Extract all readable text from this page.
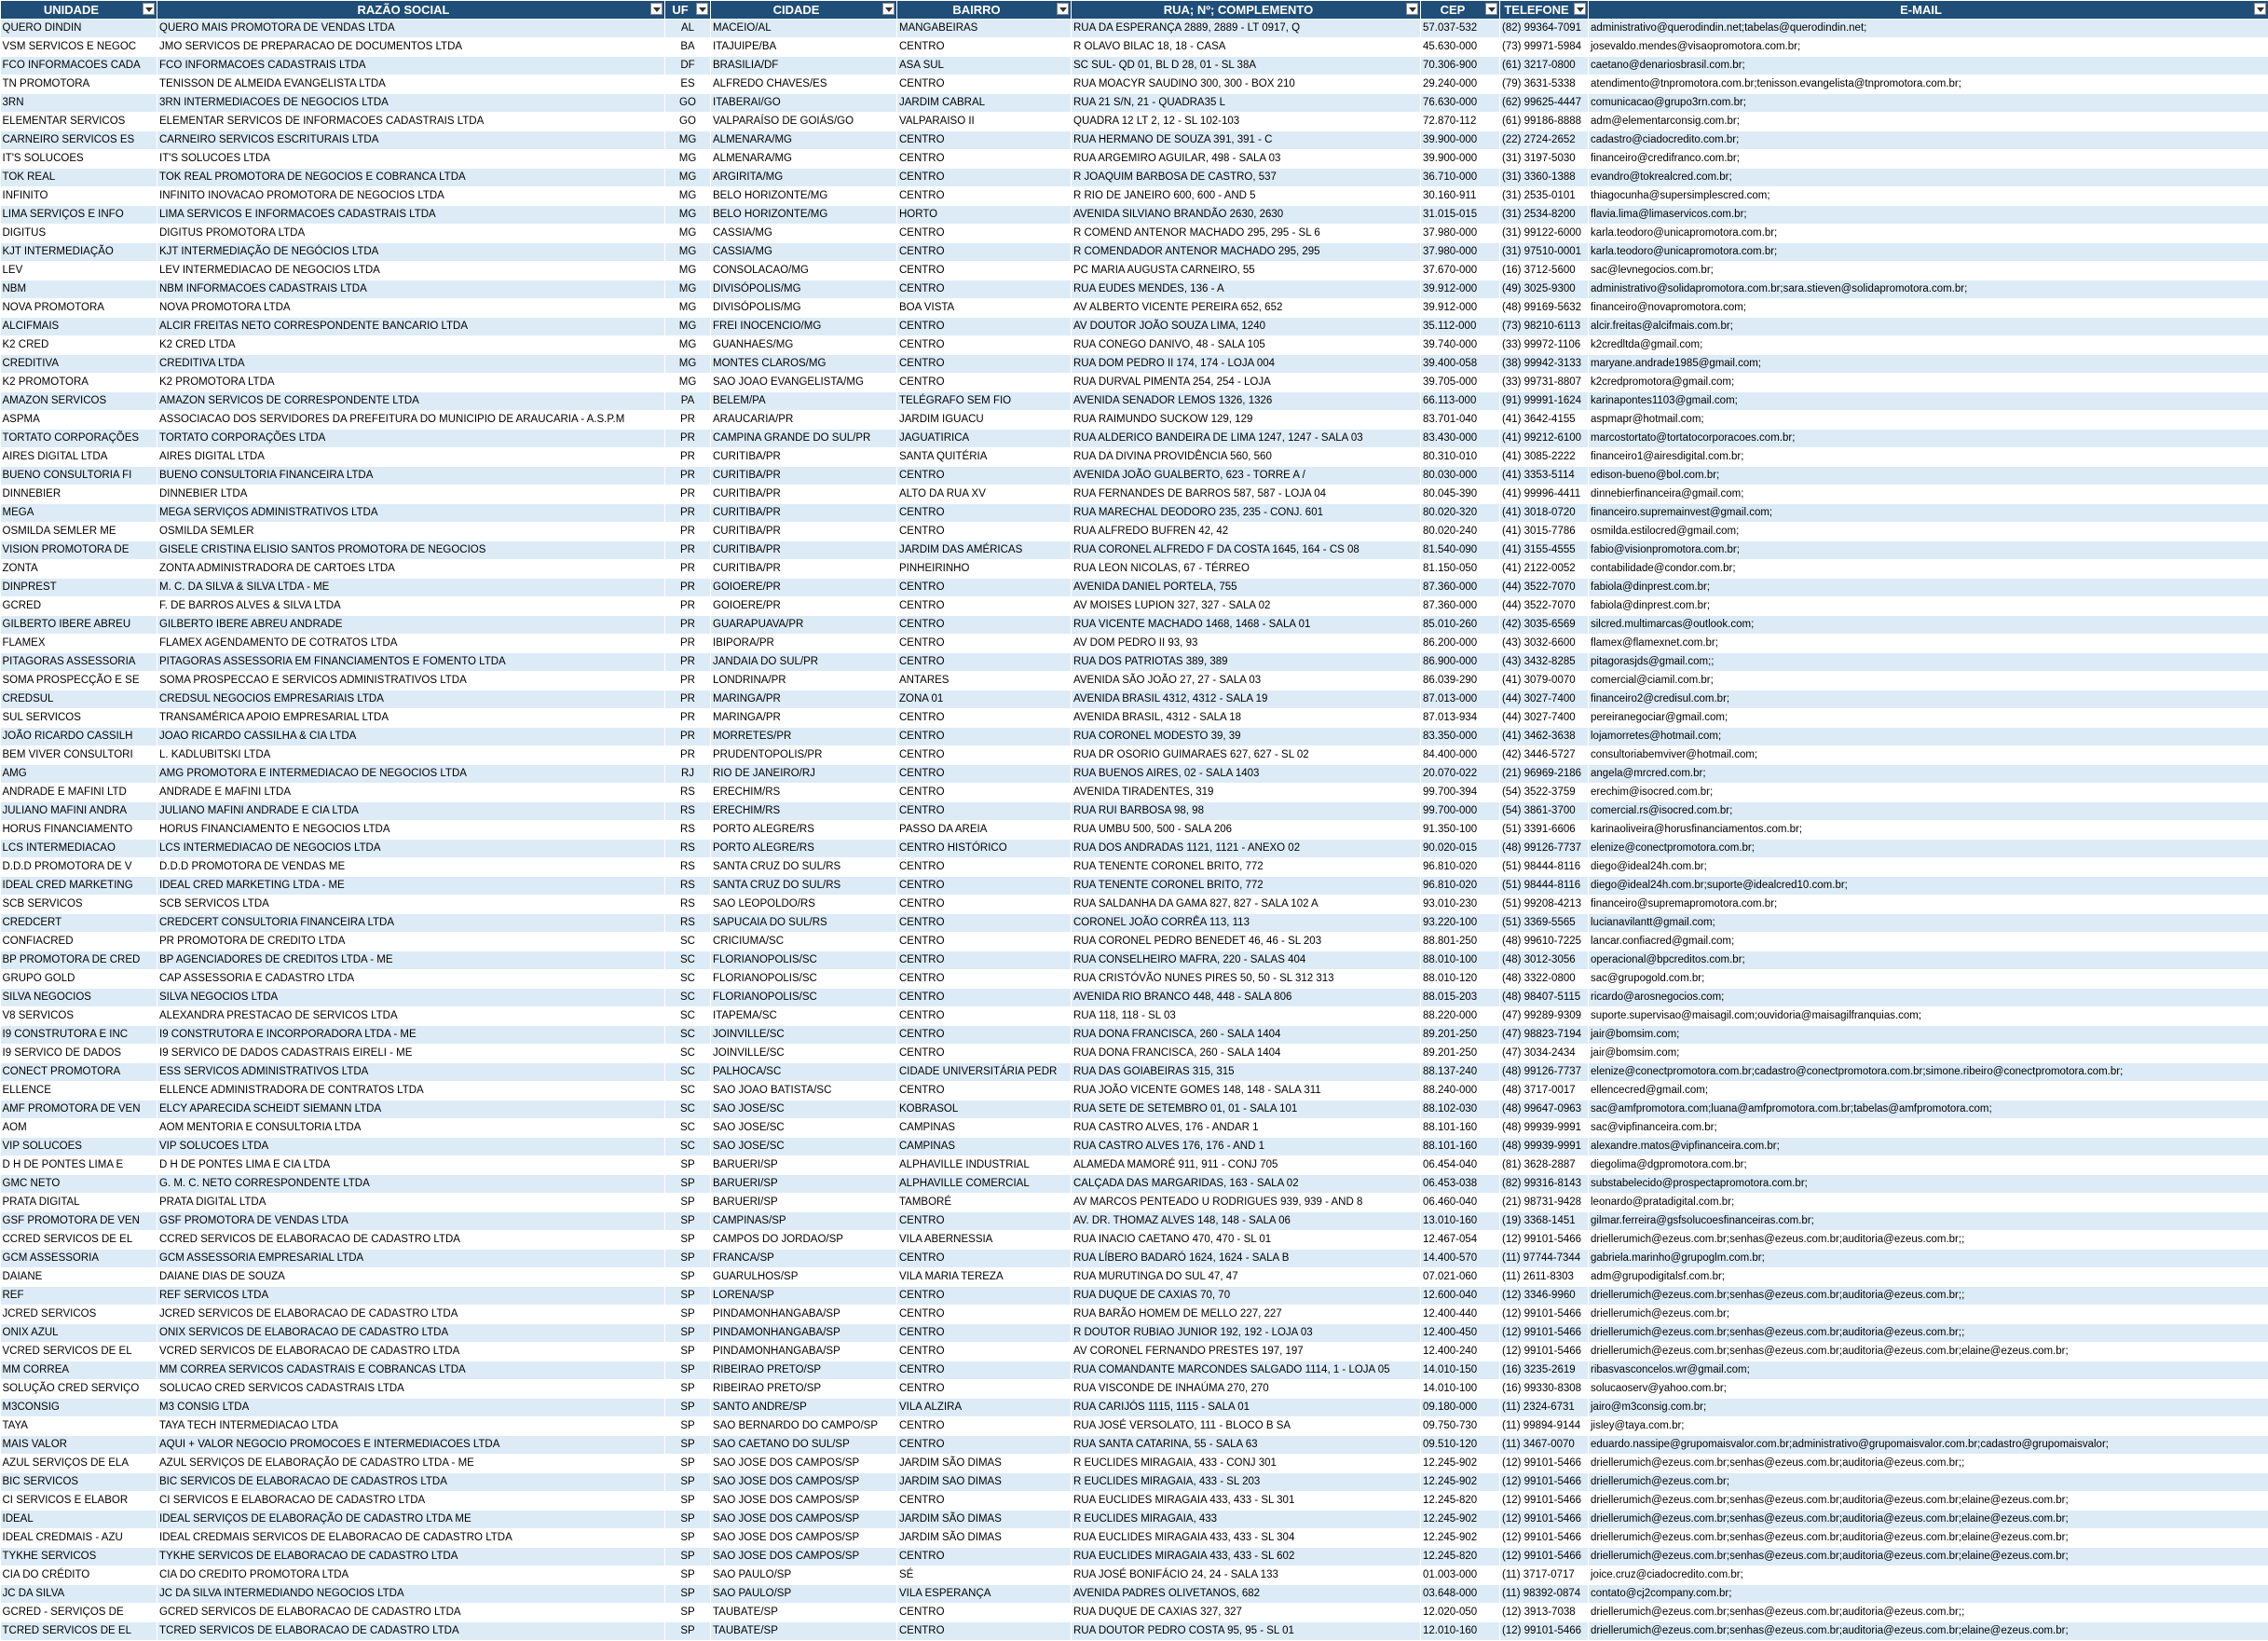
UNIDADE	RAZÃO SOCIAL	UF	CIDADE	BAIRRO	RUA; Nº; COMPLEMENTO	CEP	TELEFONE	E-MAIL

QUERO DINDIN	QUERO MAIS PROMOTORA DE VENDAS LTDA	AL	MACEIO/AL	MANGABEIRAS	RUA DA ESPERANÇA 2889, 2889 - LT 0917, Q	57.037-532	(82) 99364-7091	administrativo@querodindin.net;tabelas@querodindin.net;
VSM SERVICOS E NEGOC	JMO SERVICOS DE PREPARACAO DE DOCUMENTOS LTDA	BA	ITAJUIPE/BA	CENTRO	R OLAVO BILAC 18, 18 - CASA	45.630-000	(73) 99971-5984	josevaldo.mendes@visaopromotora.com.br;
FCO INFORMACOES CADA	FCO INFORMACOES CADASTRAIS LTDA	DF	BRASILIA/DF	ASA SUL	SC SUL- QD 01, BL D 28, 01 - SL 38A	70.306-900	(61) 3217-0800	caetano@denariosbrasil.com.br;
TN PROMOTORA	TENISSON DE ALMEIDA EVANGELISTA LTDA	ES	ALFREDO CHAVES/ES	CENTRO	RUA MOACYR SAUDINO 300, 300 - BOX 210	29.240-000	(79) 3631-5338	atendimento@tnpromotora.com.br;tenisson.evangelista@tnpromotora.com.br;
3RN	3RN INTERMEDIACOES DE NEGOCIOS LTDA	GO	ITABERAI/GO	JARDIM CABRAL	RUA 21 S/N, 21 - QUADRA35 L	76.630-000	(62) 99625-4447	comunicacao@grupo3rn.com.br;
ELEMENTAR SERVICOS	ELEMENTAR SERVICOS DE INFORMACOES CADASTRAIS LTDA	GO	VALPARAÍSO DE GOIÁS/GO	VALPARAISO II	QUADRA 12 LT 2, 12 - SL 102-103	72.870-112	(61) 99186-8888	adm@elementarconsig.com.br;
CARNEIRO SERVICOS ES	CARNEIRO SERVICOS ESCRITURAIS LTDA	MG	ALMENARA/MG	CENTRO	RUA HERMANO DE SOUZA 391, 391 - C	39.900-000	(22) 2724-2652	cadastro@ciadocredito.com.br;
IT'S SOLUCOES	IT'S SOLUCOES LTDA	MG	ALMENARA/MG	CENTRO	RUA ARGEMIRO AGUILAR, 498 - SALA 03	39.900-000	(31) 3197-5030	financeiro@credifranco.com.br;
TOK REAL	TOK REAL PROMOTORA DE NEGOCIOS E COBRANCA LTDA	MG	ARGIRITA/MG	CENTRO	R JOAQUIM BARBOSA DE CASTRO, 537	36.710-000	(31) 3360-1388	evandro@tokrealcred.com.br;
INFINITO	INFINITO INOVACAO PROMOTORA DE NEGOCIOS LTDA	MG	BELO HORIZONTE/MG	CENTRO	R RIO DE JANEIRO 600, 600 - AND 5	30.160-911	(31) 2535-0101	thiagocunha@supersimplescred.com;
LIMA SERVIÇOS E INFO	LIMA SERVICOS E INFORMACOES CADASTRAIS LTDA	MG	BELO HORIZONTE/MG	HORTO	AVENIDA SILVIANO BRANDÃO 2630, 2630	31.015-015	(31) 2534-8200	flavia.lima@limaservicos.com.br;
DIGITUS	DIGITUS PROMOTORA LTDA	MG	CASSIA/MG	CENTRO	R COMEND ANTENOR MACHADO 295, 295 - SL 6	37.980-000	(31) 99122-6000	karla.teodoro@unicapromotora.com.br;
KJT INTERMEDIAÇÃO	KJT INTERMEDIAÇÃO DE NEGÓCIOS LTDA	MG	CASSIA/MG	CENTRO	R COMENDADOR ANTENOR MACHADO 295, 295	37.980-000	(31) 97510-0001	karla.teodoro@unicapromotora.com.br;
LEV	LEV INTERMEDIACAO DE NEGOCIOS LTDA	MG	CONSOLACAO/MG	CENTRO	PC MARIA AUGUSTA CARNEIRO, 55	37.670-000	(16) 3712-5600	sac@levnegocios.com.br;
NBM	NBM INFORMACOES CADASTRAIS LTDA	MG	DIVISÓPOLIS/MG	CENTRO	RUA EUDES MENDES, 136 - A	39.912-000	(49) 3025-9300	administrativo@solidapromotora.com.br;sara.stieven@solidapromotora.com.br;
NOVA PROMOTORA	NOVA PROMOTORA LTDA	MG	DIVISÓPOLIS/MG	BOA VISTA	AV ALBERTO VICENTE PEREIRA 652, 652	39.912-000	(48) 99169-5632	financeiro@novapromotora.com;
ALCIFMAIS	ALCIR FREITAS NETO CORRESPONDENTE BANCARIO LTDA	MG	FREI INOCENCIO/MG	CENTRO	AV DOUTOR JOÃO SOUZA LIMA, 1240	35.112-000	(73) 98210-6113	alcir.freitas@alcifmais.com.br;
K2 CRED	K2 CRED LTDA	MG	GUANHAES/MG	CENTRO	RUA CONEGO DANIVO, 48 - SALA 105	39.740-000	(33) 99972-1106	k2credltda@gmail.com;
CREDITIVA	CREDITIVA LTDA	MG	MONTES CLAROS/MG	CENTRO	RUA DOM PEDRO II 174, 174 - LOJA 004	39.400-058	(38) 99942-3133	maryane.andrade1985@gmail.com;
K2 PROMOTORA	K2 PROMOTORA LTDA	MG	SAO JOAO EVANGELISTA/MG	CENTRO	RUA DURVAL PIMENTA 254, 254 - LOJA	39.705-000	(33) 99731-8807	k2credpromotora@gmail.com;
AMAZON SERVICOS	AMAZON SERVICOS DE CORRESPONDENTE LTDA	PA	BELEM/PA	TELÉGRAFO SEM FIO	AVENIDA SENADOR LEMOS 1326, 1326	66.113-000	(91) 99991-1624	karinapontes1103@gmail.com;
ASPMA	ASSOCIACAO DOS SERVIDORES DA PREFEITURA DO MUNICIPIO DE ARAUCARIA - A.S.P.M	PR	ARAUCARIA/PR	JARDIM IGUACU	RUA RAIMUNDO SUCKOW 129, 129	83.701-040	(41) 3642-4155	aspmapr@hotmail.com;
TORTATO CORPORAÇÕES	TORTATO CORPORAÇÕES LTDA	PR	CAMPINA GRANDE DO SUL/PR	JAGUATIRICA	RUA ALDERICO BANDEIRA DE LIMA 1247, 1247 - SALA 03	83.430-000	(41) 99212-6100	marcostortato@tortatocorporacoes.com.br;
AIRES DIGITAL LTDA	AIRES DIGITAL LTDA	PR	CURITIBA/PR	SANTA QUITÉRIA	RUA DA DIVINA PROVIDÊNCIA 560, 560	80.310-010	(41) 3085-2222	financeiro1@airesdigital.com.br;
BUENO CONSULTORIA FI	BUENO CONSULTORIA FINANCEIRA LTDA	PR	CURITIBA/PR	CENTRO	AVENIDA JOÃO GUALBERTO, 623 - TORRE A /	80.030-000	(41) 3353-5114	edison-bueno@bol.com.br;
DINNEBIER	DINNEBIER LTDA	PR	CURITIBA/PR	ALTO DA RUA XV	RUA FERNANDES DE BARROS 587, 587 - LOJA 04	80.045-390	(41) 99996-4411	dinnebierfinanceira@gmail.com;
MEGA	MEGA SERVIÇOS ADMINISTRATIVOS LTDA	PR	CURITIBA/PR	CENTRO	RUA MARECHAL DEODORO 235, 235 - CONJ. 601	80.020-320	(41) 3018-0720	financeiro.supremainvest@gmail.com;
OSMILDA SEMLER ME	OSMILDA SEMLER	PR	CURITIBA/PR	CENTRO	RUA ALFREDO BUFREN 42, 42	80.020-240	(41) 3015-7786	osmilda.estilocred@gmail.com;
VISION PROMOTORA DE	GISELE CRISTINA ELISIO SANTOS PROMOTORA DE NEGOCIOS	PR	CURITIBA/PR	JARDIM DAS AMÉRICAS	RUA CORONEL ALFREDO F DA COSTA 1645, 164 - CS 08	81.540-090	(41) 3155-4555	fabio@visionpromotora.com.br;
ZONTA	ZONTA ADMINISTRADORA DE CARTOES LTDA	PR	CURITIBA/PR	PINHEIRINHO	RUA LEON NICOLAS, 67 - TÉRREO	81.150-050	(41) 2122-0052	contabilidade@condor.com.br;
DINPREST	M. C. DA SILVA & SILVA LTDA - ME	PR	GOIOERE/PR	CENTRO	AVENIDA DANIEL PORTELA, 755	87.360-000	(44) 3522-7070	fabiola@dinprest.com.br;
GCRED	F. DE BARROS ALVES & SILVA LTDA	PR	GOIOERE/PR	CENTRO	AV MOISES LUPION 327, 327 - SALA 02	87.360-000	(44) 3522-7070	fabiola@dinprest.com.br;
GILBERTO IBERE ABREU	GILBERTO IBERE ABREU ANDRADE	PR	GUARAPUAVA/PR	CENTRO	RUA VICENTE MACHADO 1468, 1468 - SALA 01	85.010-260	(42) 3035-6569	silcred.multimarcas@outlook.com;
FLAMEX	FLAMEX AGENDAMENTO DE COTRATOS LTDA	PR	IBIPORA/PR	CENTRO	AV DOM PEDRO II 93, 93	86.200-000	(43) 3032-6600	flamex@flamexnet.com.br;
PITAGORAS ASSESSORIA	PITAGORAS ASSESSORIA EM FINANCIAMENTOS E FOMENTO LTDA	PR	JANDAIA DO SUL/PR	CENTRO	RUA DOS PATRIOTAS 389, 389	86.900-000	(43) 3432-8285	pitagorasjds@gmail.com;;
SOMA PROSPECÇÃO E SE	SOMA PROSPECCAO E SERVICOS ADMINISTRATIVOS LTDA	PR	LONDRINA/PR	ANTARES	AVENIDA SÃO JOÃO 27, 27 - SALA 03	86.039-290	(41) 3079-0070	comercial@ciamil.com.br;
CREDSUL	CREDSUL NEGOCIOS EMPRESARIAIS LTDA	PR	MARINGA/PR	ZONA 01	AVENIDA BRASIL 4312, 4312 - SALA 19	87.013-000	(44) 3027-7400	financeiro2@credisul.com.br;
SUL SERVICOS	TRANSAMÉRICA APOIO EMPRESARIAL LTDA	PR	MARINGA/PR	CENTRO	AVENIDA BRASIL, 4312 - SALA 18	87.013-934	(44) 3027-7400	pereiranegociar@gmail.com;
JOÃO RICARDO CASSILH	JOAO RICARDO CASSILHA & CIA LTDA	PR	MORRETES/PR	CENTRO	RUA CORONEL MODESTO 39, 39	83.350-000	(41) 3462-3638	lojamorretes@hotmail.com;
BEM VIVER CONSULTORI	L. KADLUBITSKI LTDA	PR	PRUDENTOPOLIS/PR	CENTRO	RUA DR OSORIO GUIMARAES 627, 627 - SL 02	84.400-000	(42) 3446-5727	consultoriabemviver@hotmail.com;
AMG	AMG PROMOTORA E INTERMEDIACAO DE NEGOCIOS LTDA	RJ	RIO DE JANEIRO/RJ	CENTRO	RUA BUENOS AIRES, 02 - SALA 1403	20.070-022	(21) 96969-2186	angela@mrcred.com.br;
ANDRADE E MAFINI LTD	ANDRADE E MAFINI LTDA	RS	ERECHIM/RS	CENTRO	AVENIDA TIRADENTES, 319	99.700-394	(54) 3522-3759	erechim@isocred.com.br;
JULIANO MAFINI ANDRA	JULIANO MAFINI ANDRADE E CIA LTDA	RS	ERECHIM/RS	CENTRO	RUA RUI BARBOSA 98, 98	99.700-000	(54) 3861-3700	comercial.rs@isocred.com.br;
HORUS FINANCIAMENTO	HORUS FINANCIAMENTO E NEGOCIOS LTDA	RS	PORTO ALEGRE/RS	PASSO DA AREIA	RUA UMBU 500, 500 - SALA 206	91.350-100	(51) 3391-6606	karinaoliveira@horusfinanciamentos.com.br;
LCS INTERMEDIACAO	LCS INTERMEDIACAO DE NEGOCIOS LTDA	RS	PORTO ALEGRE/RS	CENTRO HISTÓRICO	RUA DOS ANDRADAS 1121, 1121 - ANEXO 02	90.020-015	(48) 99126-7737	elenize@conectpromotora.com.br;
D.D.D PROMOTORA DE V	D.D.D PROMOTORA DE VENDAS ME	RS	SANTA CRUZ DO SUL/RS	CENTRO	RUA TENENTE CORONEL BRITO, 772	96.810-020	(51) 98444-8116	diego@ideal24h.com.br;
IDEAL CRED MARKETING	IDEAL CRED MARKETING LTDA - ME	RS	SANTA CRUZ DO SUL/RS	CENTRO	RUA TENENTE CORONEL BRITO, 772	96.810-020	(51) 98444-8116	diego@ideal24h.com.br;suporte@idealcred10.com.br;
SCB SERVICOS	SCB SERVICOS LTDA	RS	SAO LEOPOLDO/RS	CENTRO	RUA SALDANHA DA GAMA 827, 827 - SALA 102 A	93.010-230	(51) 99208-4213	financeiro@supremapromotora.com.br;
CREDCERT	CREDCERT CONSULTORIA FINANCEIRA LTDA	RS	SAPUCAIA DO SUL/RS	CENTRO	CORONEL JOÃO CORRÊA 113, 113	93.220-100	(51) 3369-5565	lucianavilantt@gmail.com;
CONFIACRED	PR PROMOTORA DE CREDITO LTDA	SC	CRICIUMA/SC	CENTRO	RUA CORONEL PEDRO BENEDET 46, 46 - SL 203	88.801-250	(48) 99610-7225	lancar.confiacred@gmail.com;
BP PROMOTORA DE CRED	BP AGENCIADORES DE CREDITOS LTDA - ME	SC	FLORIANOPOLIS/SC	CENTRO	RUA CONSELHEIRO MAFRA, 220 - SALAS 404	88.010-100	(48) 3012-3056	operacional@bpcreditos.com.br;
GRUPO GOLD	CAP ASSESSORIA E CADASTRO LTDA	SC	FLORIANOPOLIS/SC	CENTRO	RUA CRISTÓVÃO NUNES PIRES 50, 50 - SL 312 313	88.010-120	(48) 3322-0800	sac@grupogold.com.br;
SILVA NEGOCIOS	SILVA NEGOCIOS LTDA	SC	FLORIANOPOLIS/SC	CENTRO	AVENIDA RIO BRANCO 448, 448 - SALA 806	88.015-203	(48) 98407-5115	ricardo@arosnegocios.com;
V8 SERVICOS	ALEXANDRA PRESTACAO DE SERVICOS LTDA	SC	ITAPEMA/SC	CENTRO	RUA 118, 118 - SL 03	88.220-000	(47) 99289-9309	suporte.supervisao@maisagil.com;ouvidoria@maisagilfranquias.com;
I9 CONSTRUTORA E INC	I9 CONSTRUTORA E INCORPORADORA LTDA - ME	SC	JOINVILLE/SC	CENTRO	RUA DONA FRANCISCA, 260 - SALA 1404	89.201-250	(47) 98823-7194	jair@bomsim.com;
I9 SERVICO DE DADOS	I9 SERVICO DE DADOS CADASTRAIS EIRELI - ME	SC	JOINVILLE/SC	CENTRO	RUA DONA FRANCISCA, 260 - SALA 1404	89.201-250	(47) 3034-2434	jair@bomsim.com;
CONECT PROMOTORA	ESS SERVICOS ADMINISTRATIVOS LTDA	SC	PALHOCA/SC	CIDADE UNIVERSITÁRIA PEDR	RUA DAS GOIABEIRAS 315, 315	88.137-240	(48) 99126-7737	elenize@conectpromotora.com.br;cadastro@conectpromotora.com.br;simone.ribeiro@conectpromotora.com.br;
ELLENCE	ELLENCE ADMINISTRADORA DE CONTRATOS LTDA	SC	SAO JOAO BATISTA/SC	CENTRO	RUA JOÃO VICENTE GOMES 148, 148 - SALA 311	88.240-000	(48) 3717-0017	ellencecred@gmail.com;
AMF PROMOTORA DE VEN	ELCY APARECIDA SCHEIDT SIEMANN LTDA	SC	SAO JOSE/SC	KOBRASOL	RUA SETE DE SETEMBRO 01, 01 - SALA 101	88.102-030	(48) 99647-0963	sac@amfpromotora.com;luana@amfpromotora.com.br;tabelas@amfpromotora.com;
AOM	AOM MENTORIA E CONSULTORIA LTDA	SC	SAO JOSE/SC	CAMPINAS	RUA CASTRO ALVES, 176 - ANDAR 1	88.101-160	(48) 99939-9991	sac@vipfinanceira.com.br;
VIP SOLUCOES	VIP SOLUCOES LTDA	SC	SAO JOSE/SC	CAMPINAS	RUA CASTRO ALVES 176, 176 - AND 1	88.101-160	(48) 99939-9991	alexandre.matos@vipfinanceira.com.br;
D H DE PONTES LIMA E	D H DE PONTES LIMA E CIA LTDA	SP	BARUERI/SP	ALPHAVILLE INDUSTRIAL	ALAMEDA MAMORÉ 911, 911 - CONJ 705	06.454-040	(81) 3628-2887	diegolima@dgpromotora.com.br;
GMC NETO	G. M. C. NETO CORRESPONDENTE LTDA	SP	BARUERI/SP	ALPHAVILLE COMERCIAL	CALÇADA DAS MARGARIDAS, 163 - SALA 02	06.453-038	(82) 99316-8143	substabelecido@prospectapromotora.com.br;
PRATA DIGITAL	PRATA DIGITAL LTDA	SP	BARUERI/SP	TAMBORÉ	AV MARCOS PENTEADO U RODRIGUES 939, 939 - AND 8	06.460-040	(21) 98731-9428	leonardo@pratadigital.com.br;
GSF PROMOTORA DE VEN	GSF PROMOTORA DE VENDAS LTDA	SP	CAMPINAS/SP	CENTRO	AV. DR. THOMAZ ALVES 148, 148 - SALA 06	13.010-160	(19) 3368-1451	gilmar.ferreira@gsfsolucoesfinanceiras.com.br;
CCRED SERVICOS DE EL	CCRED SERVICOS DE ELABORACAO DE CADASTRO LTDA	SP	CAMPOS DO JORDAO/SP	VILA ABERNESSIA	RUA INACIO CAETANO 470, 470 - SL 01	12.467-054	(12) 99101-5466	driellerumich@ezeus.com.br;senhas@ezeus.com.br;auditoria@ezeus.com.br;;
GCM ASSESSORIA	GCM ASSESSORIA EMPRESARIAL LTDA	SP	FRANCA/SP	CENTRO	RUA LÍBERO BADARÓ 1624, 1624 - SALA B	14.400-570	(11) 97744-7344	gabriela.marinho@grupoglm.com.br;
DAIANE	DAIANE DIAS DE SOUZA	SP	GUARULHOS/SP	VILA MARIA TEREZA	RUA MURUTINGA DO SUL 47, 47	07.021-060	(11) 2611-8303	adm@grupodigitalsf.com.br;
REF	REF SERVICOS LTDA	SP	LORENA/SP	CENTRO	RUA DUQUE DE CAXIAS 70, 70	12.600-040	(12) 3346-9960	driellerumich@ezeus.com.br;senhas@ezeus.com.br;auditoria@ezeus.com.br;;
JCRED SERVICOS	JCRED SERVICOS DE ELABORACAO DE CADASTRO LTDA	SP	PINDAMONHANGABA/SP	CENTRO	RUA BARÃO HOMEM DE MELLO 227, 227	12.400-440	(12) 99101-5466	driellerumich@ezeus.com.br;
ONIX AZUL	ONIX SERVICOS DE ELABORACAO DE CADASTRO LTDA	SP	PINDAMONHANGABA/SP	CENTRO	R DOUTOR RUBIAO JUNIOR 192, 192 - LOJA 03	12.400-450	(12) 99101-5466	driellerumich@ezeus.com.br;senhas@ezeus.com.br;auditoria@ezeus.com.br;;
VCRED SERVICOS DE EL	VCRED SERVICOS DE ELABORACAO DE CADASTRO LTDA	SP	PINDAMONHANGABA/SP	CENTRO	AV CORONEL FERNANDO PRESTES 197, 197	12.400-240	(12) 99101-5466	driellerumich@ezeus.com.br;senhas@ezeus.com.br;auditoria@ezeus.com.br;elaine@ezeus.com.br;
MM CORREA	MM CORREA SERVICOS CADASTRAIS E COBRANCAS LTDA	SP	RIBEIRAO PRETO/SP	CENTRO	RUA COMANDANTE MARCONDES SALGADO 1114, 1 - LOJA 05	14.010-150	(16) 3235-2619	ribasvasconcelos.wr@gmail.com;
SOLUÇÃO CRED SERVIÇO	SOLUCAO CRED SERVICOS CADASTRAIS LTDA	SP	RIBEIRAO PRETO/SP	CENTRO	RUA VISCONDE DE INHAÚMA 270, 270	14.010-100	(16) 99330-8308	solucaoserv@yahoo.com.br;
M3CONSIG	M3 CONSIG LTDA	SP	SANTO ANDRE/SP	VILA ALZIRA	RUA CARIJÓS 1115, 1115 - SALA 01	09.180-000	(11) 2324-6731	jairo@m3consig.com.br;
TAYA	TAYA TECH INTERMEDIACAO LTDA	SP	SAO BERNARDO DO CAMPO/SP	CENTRO	RUA JOSÉ VERSOLATO, 111 - BLOCO B SA	09.750-730	(11) 99894-9144	jisley@taya.com.br;
MAIS VALOR	AQUI + VALOR NEGOCIO PROMOCOES E INTERMEDIACOES LTDA	SP	SAO CAETANO DO SUL/SP	CENTRO	RUA SANTA CATARINA, 55 - SALA 63	09.510-120	(11) 3467-0070	eduardo.nassipe@grupomaisvalor.com.br;administrativo@grupomaisvalor.com.br;cadastro@grupomaisvalor;
AZUL SERVIÇOS DE ELA	AZUL SERVIÇOS DE ELABORAÇÃO DE CADASTRO LTDA - ME	SP	SAO JOSE DOS CAMPOS/SP	JARDIM SÃO DIMAS	R EUCLIDES MIRAGAIA, 433 - CONJ 301	12.245-902	(12) 99101-5466	driellerumich@ezeus.com.br;senhas@ezeus.com.br;auditoria@ezeus.com.br;;
BIC SERVICOS	BIC SERVICOS DE ELABORACAO DE CADASTROS LTDA	SP	SAO JOSE DOS CAMPOS/SP	JARDIM SAO DIMAS	R EUCLIDES MIRAGAIA, 433 - SL 203	12.245-902	(12) 99101-5466	driellerumich@ezeus.com.br;
CI SERVICOS E ELABOR	CI SERVICOS E ELABORACAO DE CADASTRO LTDA	SP	SAO JOSE DOS CAMPOS/SP	CENTRO	RUA EUCLIDES MIRAGAIA 433, 433 - SL 301	12.245-820	(12) 99101-5466	driellerumich@ezeus.com.br;senhas@ezeus.com.br;auditoria@ezeus.com.br;elaine@ezeus.com.br;
IDEAL	IDEAL SERVIÇOS DE ELABORAÇÃO DE CADASTRO LTDA ME	SP	SAO JOSE DOS CAMPOS/SP	JARDIM SÃO DIMAS	R EUCLIDES MIRAGAIA, 433	12.245-902	(12) 99101-5466	driellerumich@ezeus.com.br;senhas@ezeus.com.br;auditoria@ezeus.com.br;elaine@ezeus.com.br;
IDEAL CREDMAIS - AZU	IDEAL CREDMAIS SERVICOS DE ELABORACAO DE CADASTRO LTDA	SP	SAO JOSE DOS CAMPOS/SP	JARDIM SÃO DIMAS	RUA EUCLIDES MIRAGAIA 433, 433 - SL 304	12.245-902	(12) 99101-5466	driellerumich@ezeus.com.br;senhas@ezeus.com.br;auditoria@ezeus.com.br;elaine@ezeus.com.br;
TYKHE SERVICOS	TYKHE SERVICOS DE ELABORACAO DE CADASTRO LTDA	SP	SAO JOSE DOS CAMPOS/SP	CENTRO	RUA EUCLIDES MIRAGAIA 433, 433 - SL 602	12.245-820	(12) 99101-5466	driellerumich@ezeus.com.br;senhas@ezeus.com.br;auditoria@ezeus.com.br;elaine@ezeus.com.br;
CIA DO CRÉDITO	CIA DO CREDITO PROMOTORA LTDA	SP	SAO PAULO/SP	SÉ	RUA JOSÉ BONIFÁCIO 24, 24 - SALA 133	01.003-000	(11) 3717-0717	joice.cruz@ciadocredito.com.br;
JC DA SILVA	JC DA SILVA INTERMEDIANDO NEGOCIOS LTDA	SP	SAO PAULO/SP	VILA ESPERANÇA	AVENIDA PADRES OLIVETANOS, 682	03.648-000	(11) 98392-0874	contato@cj2company.com.br;
GCRED - SERVIÇOS DE	GCRED SERVICOS DE ELABORACAO DE CADASTRO LTDA	SP	TAUBATE/SP	CENTRO	RUA DUQUE DE CAXIAS 327, 327	12.020-050	(12) 3913-7038	driellerumich@ezeus.com.br;senhas@ezeus.com.br;auditoria@ezeus.com.br;;
TCRED SERVICOS DE EL	TCRED SERVICOS DE ELABORACAO DE CADASTRO LTDA	SP	TAUBATE/SP	CENTRO	RUA DOUTOR PEDRO COSTA 95, 95 - SL 01	12.010-160	(12) 99101-5466	driellerumich@ezeus.com.br;senhas@ezeus.com.br;auditoria@ezeus.com.br;elaine@ezeus.com.br;
